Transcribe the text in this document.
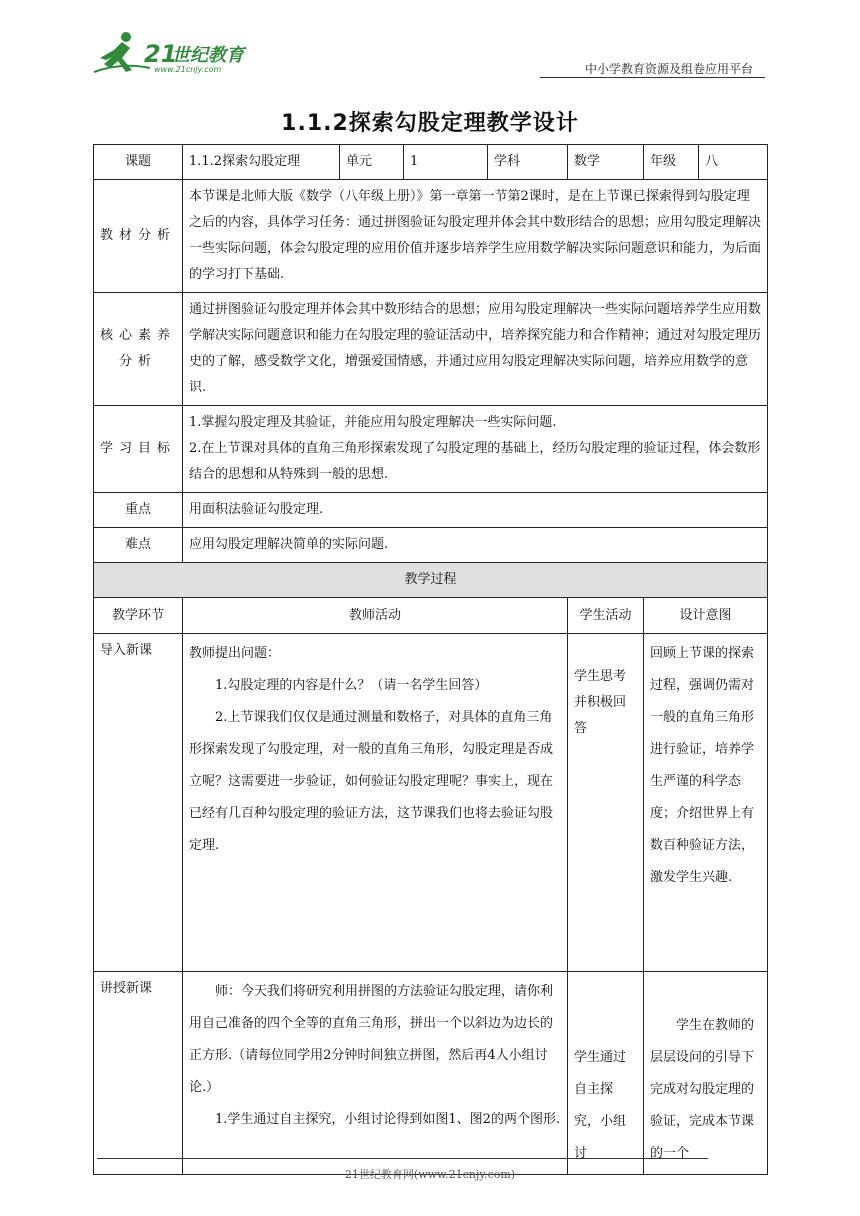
21
世纪教育
www.21cnjy.com	中小学教育资源及组卷应用平台
1.1.2探索勾股定理教学设计
课题	1.1.2探索勾股定理	单元	1	学科	数学	年级	八
教材分析	本节课是北师大版《数学（八年级上册）》第一章第一节第2课时，是在上节课已探索得到勾股定理之后的内容，具体学习任务：通过拼图验证勾股定理并体会其中数形结合的思想；应用勾股定理解决一些实际问题，体会勾股定理的应用价值并逐步培养学生应用数学解决实际问题意识和能力，为后面的学习打下基础.						
核心素养分析	通过拼图验证勾股定理并体会其中数形结合的思想；应用勾股定理解决一些实际问题培养学生应用数学解决实际问题意识和能力在勾股定理的验证活动中，培养探究能力和合作精神；通过对勾股定理历史的了解，感受数学文化，增强爱国情感，并通过应用勾股定理解决实际问题，培养应用数学的意识.						
学习目标	1.掌握勾股定理及其验证，并能应用勾股定理解决一些实际问题.

2.在上节课对具体的直角三角形探索发现了勾股定理的基础上，经历勾股定理的验证过程，体会数形结合的思想和从特殊到一般的思想.						

重点	用面积法验证勾股定理.						
难点	应用勾股定理解决简单的实际问题.						
教学过程							
教学环节	教师活动				学生活动	设计意图	
导入新课	教师提出问题：

1.勾股定理的内容是什么？（请一名学生回答）

2.上节课我们仅仅是通过测量和数格子，对具体的直角三角形探索发现了勾股定理，对一般的直角三角形，勾股定理是否成立呢？这需要进一步验证，如何验证勾股定理呢？事实上，现在已经有几百种勾股定理的验证方法，这节课我们也将去验证勾股定理.				学生思考并积极回答	回顾上节课的探索过程，强调仍需对一般的直角三角形进行验证，培养学生严谨的科学态度；介绍世界上有数百种验证方法，激发学生兴趣.	
讲授新课	师：今天我们将研究利用拼图的方法验证勾股定理，请你利用自己准备的四个全等的直角三角形，拼出一个以斜边为边长的正方形.（请每位同学用2分钟时间独立拼图，然后再4人小组讨论.）

1.学生通过自主探究，小组讨论得到如图1、图2的两个图形.				学生通过自主探究，小组讨	学生在教师的层层设问的引导下完成对勾股定理的验证，完成本节课的一个	
21世纪教育网(www.21cnjy.com)
